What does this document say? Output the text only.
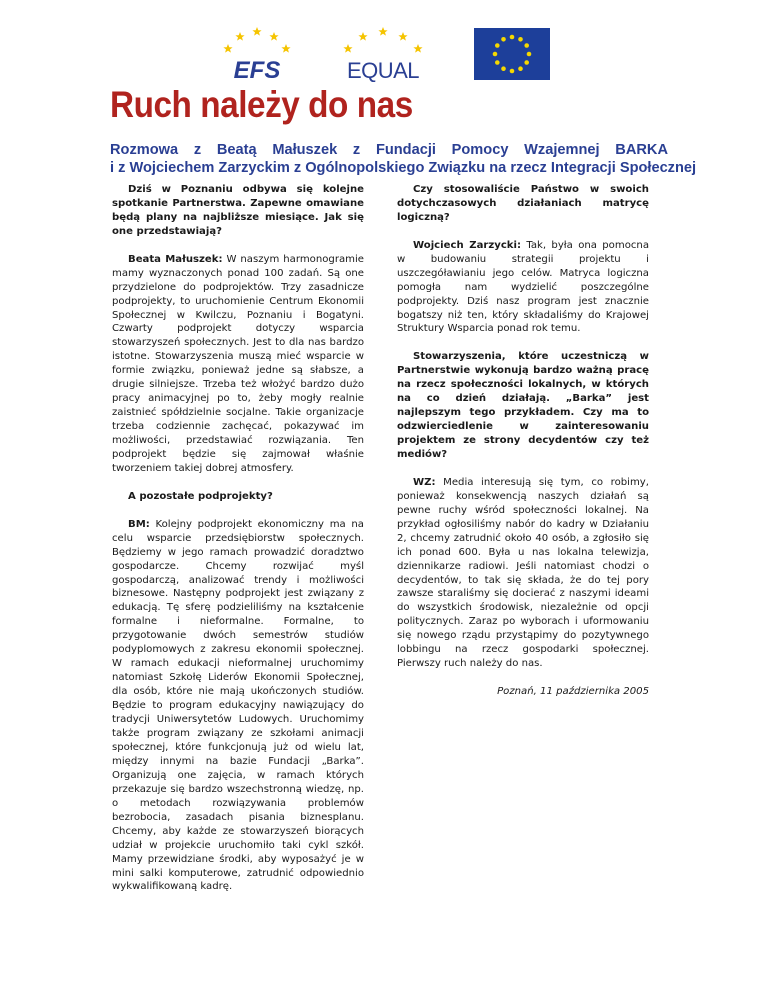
EFS	EQUAL
Ruch należy do nas
Rozmowa z Beatą Małuszek z Fundacji Pomocy Wzajemnej BARKA
i z Wojciechem Zarzyckim z Ogólnopolskiego Związku na rzecz Integracji Społecznej

Dziś w Poznaniu odbywa się kolejne spotkanie Partnerstwa. Zapewne omawiane będą plany na najbliższe miesiące. Jak się one przedstawiają?

Beata Małuszek: W naszym harmonogramie mamy wyznaczonych ponad 100 zadań. Są one przydzielone do podprojektów. Trzy zasadnicze podprojekty, to uruchomienie Centrum Ekonomii Społecznej w Kwilczu, Poznaniu i Bogatyni. Czwarty podprojekt dotyczy wsparcia stowarzyszeń społecznych. Jest to dla nas bardzo istotne. Stowarzyszenia muszą mieć wsparcie w formie związku, ponieważ jedne są słabsze, a drugie silniejsze. Trzeba też włożyć bardzo dużo pracy animacyjnej po to, żeby mogły realnie zaistnieć spółdzielnie socjalne. Takie organizacje trzeba codziennie zachęcać, pokazywać im możliwości, przedstawiać rozwiązania. Ten podprojekt będzie się zajmował właśnie tworzeniem takiej dobrej atmosfery.

A pozostałe podprojekty?

BM: Kolejny podprojekt ekonomiczny ma na celu wsparcie przedsiębiorstw społecznych. Będziemy w jego ramach prowadzić doradztwo gospodarcze. Chcemy rozwijać myśl gospodarczą, analizować trendy i możliwości biznesowe. Następny podprojekt jest związany z edukacją. Tę sferę podzieliliśmy na kształcenie formalne i nieformalne. Formalne, to przygotowanie dwóch semestrów studiów podyplomowych z zakresu ekonomii społecznej. W ramach edukacji nieformalnej uruchomimy natomiast Szkołę Liderów Ekonomii Społecznej, dla osób, które nie mają ukończonych studiów. Będzie to program edukacyjny nawiązujący do tradycji Uniwersytetów Ludowych. Uruchomimy także program związany ze szkołami animacji społecznej, które funkcjonują już od wielu lat, między innymi na bazie Fundacji „Barka”. Organizują one zajęcia, w ramach których przekazuje się bardzo wszechstronną wiedzę, np. o metodach rozwiązywania problemów bezrobocia, zasadach pisania biznesplanu. Chcemy, aby każde ze stowarzyszeń biorących udział w projekcie uruchomiło taki cykl szkół. Mamy przewidziane środki, aby wyposażyć je w mini salki komputerowe, zatrudnić odpowiednio wykwalifikowaną kadrę.

Czy stosowaliście Państwo w swoich dotychczasowych działaniach matrycę logiczną?

Wojciech Zarzycki: Tak, była ona pomocna w budowaniu strategii projektu i uszczegóławianiu jego celów. Matryca logiczna pomogła nam wydzielić poszczególne podprojekty. Dziś nasz program jest znacznie bogatszy niż ten, który składaliśmy do Krajowej Struktury Wsparcia ponad rok temu.

Stowarzyszenia, które uczestniczą w Partnerstwie wykonują bardzo ważną pracę na rzecz społeczności lokalnych, w których na co dzień działają. „Barka” jest najlepszym tego przykładem. Czy ma to odzwierciedlenie w zainteresowaniu projektem ze strony decydentów czy też mediów?

WZ: Media interesują się tym, co robimy, ponieważ konsekwencją naszych działań są pewne ruchy wśród społeczności lokalnej. Na przykład ogłosiliśmy nabór do kadry w Działaniu 2, chcemy zatrudnić około 40 osób, a zgłosiło się ich ponad 600. Była u nas lokalna telewizja, dziennikarze radiowi. Jeśli natomiast chodzi o decydentów, to tak się składa, że do tej pory zawsze staraliśmy się docierać z naszymi ideami do wszystkich środowisk, niezależnie od opcji politycznych. Zaraz po wyborach i uformowaniu się nowego rządu przystąpimy do pozytywnego lobbingu na rzecz gospodarki społecznej. Pierwszy ruch należy do nas.

Poznań, 11 października 2005
